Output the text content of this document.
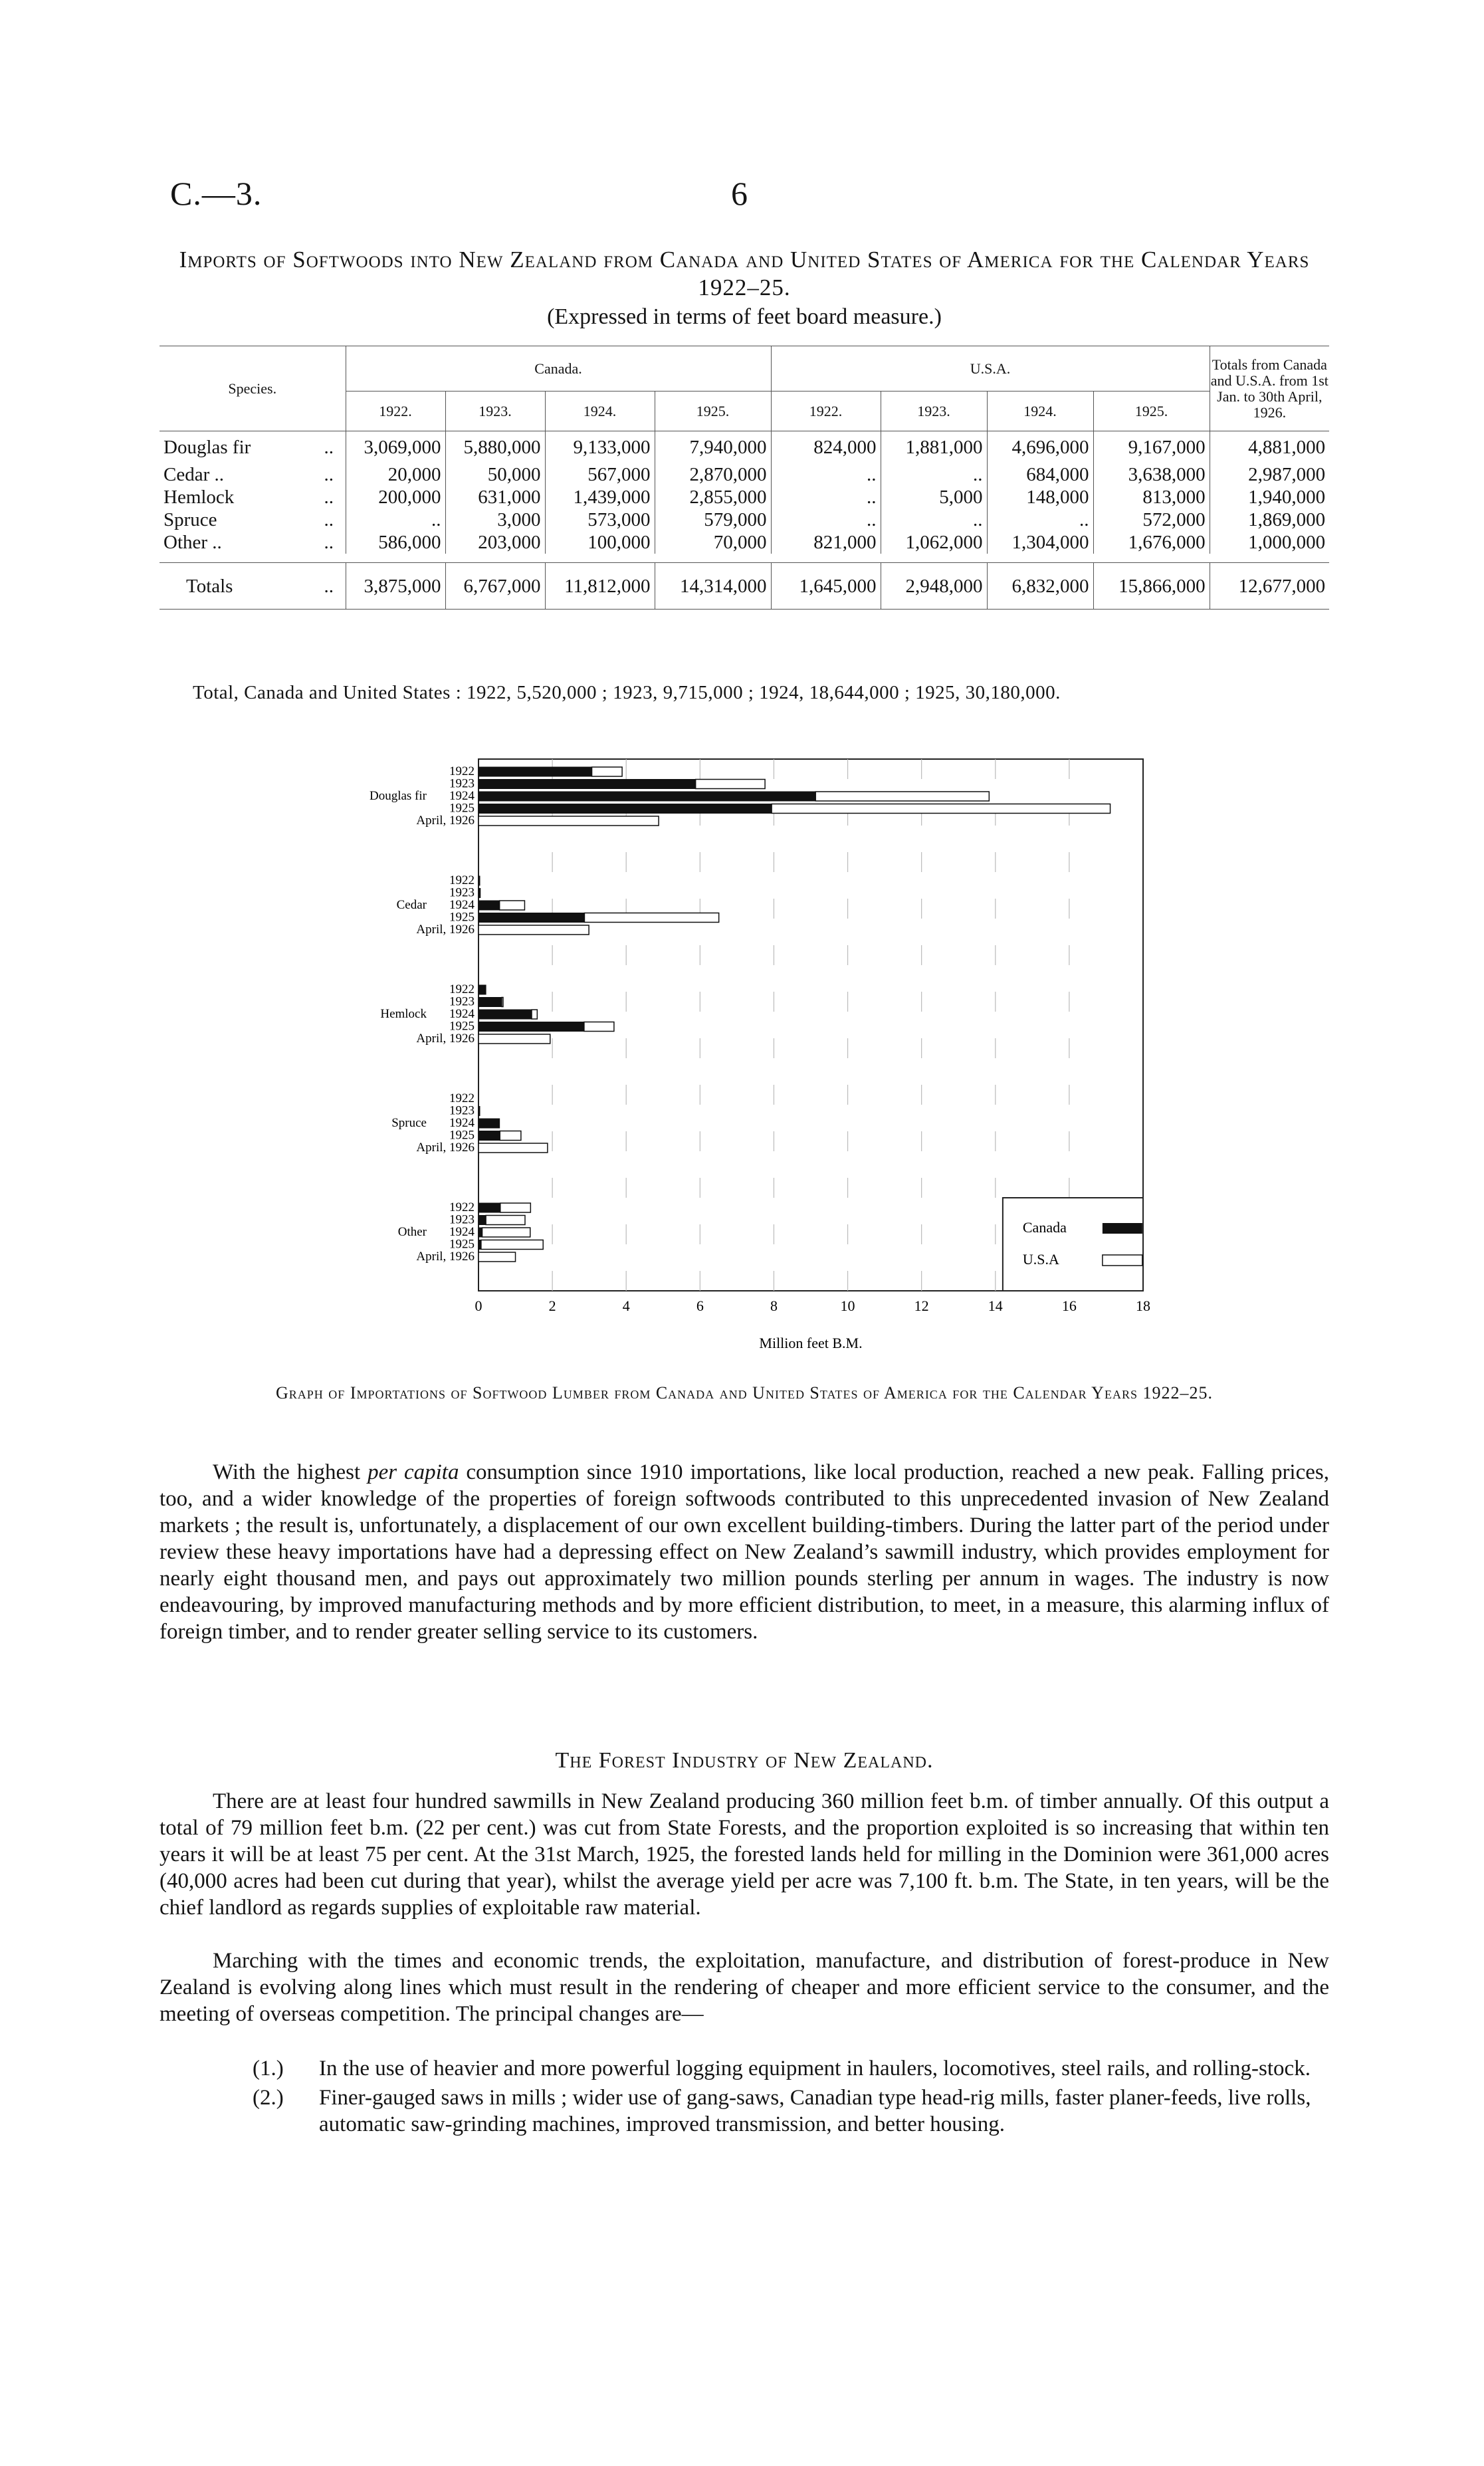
C.—3.	6
Imports of Softwoods into New Zealand from Canada and United States of America for the Calendar Years 1922–25.
(Expressed in terms of feet board measure.)
Species.		Canada.				U.S.A.				Totals from Canada and U.S.A. from 1st Jan. to 30th April, 1926.
		1922.	1923.	1924.	1925.	1922.	1923.	1924.	1925.	
Douglas fir	..	3,069,000	5,880,000	9,133,000	7,940,000	824,000	1,881,000	4,696,000	9,167,000	4,881,000
Cedar ..	..	20,000	50,000	567,000	2,870,000	..	..	684,000	3,638,000	2,987,000
Hemlock	..	200,000	631,000	1,439,000	2,855,000	..	5,000	148,000	813,000	1,940,000
Spruce	..	..	3,000	573,000	579,000	..	..	..	572,000	1,869,000
Other ..	..	586,000	203,000	100,000	70,000	821,000	1,062,000	1,304,000	1,676,000	1,000,000

Totals	..	3,875,000	6,767,000	11,812,000	14,314,000	1,645,000	2,948,000	6,832,000	15,866,000	12,677,000
Total, Canada and United States : 1922, 5,520,000 ; 1923, 9,715,000 ; 1924, 18,644,000 ; 1925, 30,180,000.
0	2	4	6	8	10	12	14	16	18
Million feet B.M.
1922
1923
1924
1925
April, 1926
Douglas fir
1922
1923
1924
1925
April, 1926
Cedar
1922
1923
1924
1925
April, 1926
Hemlock
1922
1923
1924
1925
April, 1926
Spruce
1922
1923
1924
1925
April, 1926
Other	Canada
U.S.A
Graph of Importations of Softwood Lumber from Canada and United States of America for the Calendar Years 1922–25.

With the highest per capita consumption since 1910 importations, like local production, reached a new peak. Falling prices, too, and a wider knowledge of the properties of foreign softwoods contributed to this unprecedented invasion of New Zealand markets ; the result is, unfortunately, a displacement of our own excellent building-timbers. During the latter part of the period under review these heavy importations have had a depressing effect on New Zealand’s sawmill industry, which provides employment for nearly eight thousand men, and pays out approximately two million pounds sterling per annum in wages. The industry is now endeavouring, by improved manufacturing methods and by more efficient distribution, to meet, in a measure, this alarming influx of foreign timber, and to render greater selling service to its customers.

The Forest Industry of New Zealand.

There are at least four hundred sawmills in New Zealand producing 360 million feet b.m. of timber annually. Of this output a total of 79 million feet b.m. (22 per cent.) was cut from State Forests, and the proportion exploited is so increasing that within ten years it will be at least 75 per cent. At the 31st March, 1925, the forested lands held for milling in the Dominion were 361,000 acres (40,000 acres had been cut during that year), whilst the average yield per acre was 7,100 ft. b.m. The State, in ten years, will be the chief landlord as regards supplies of exploitable raw material.

Marching with the times and economic trends, the exploitation, manufacture, and distribution of forest-produce in New Zealand is evolving along lines which must result in the rendering of cheaper and more efficient service to the consumer, and the meeting of overseas competition. The principal changes are—

(1.) In the use of heavier and more powerful logging equipment in haulers, locomotives, steel rails, and rolling-stock.
(2.) Finer-gauged saws in mills ; wider use of gang-saws, Canadian type head-rig mills, faster planer-feeds, live rolls, automatic saw-grinding machines, improved transmission, and better housing.
